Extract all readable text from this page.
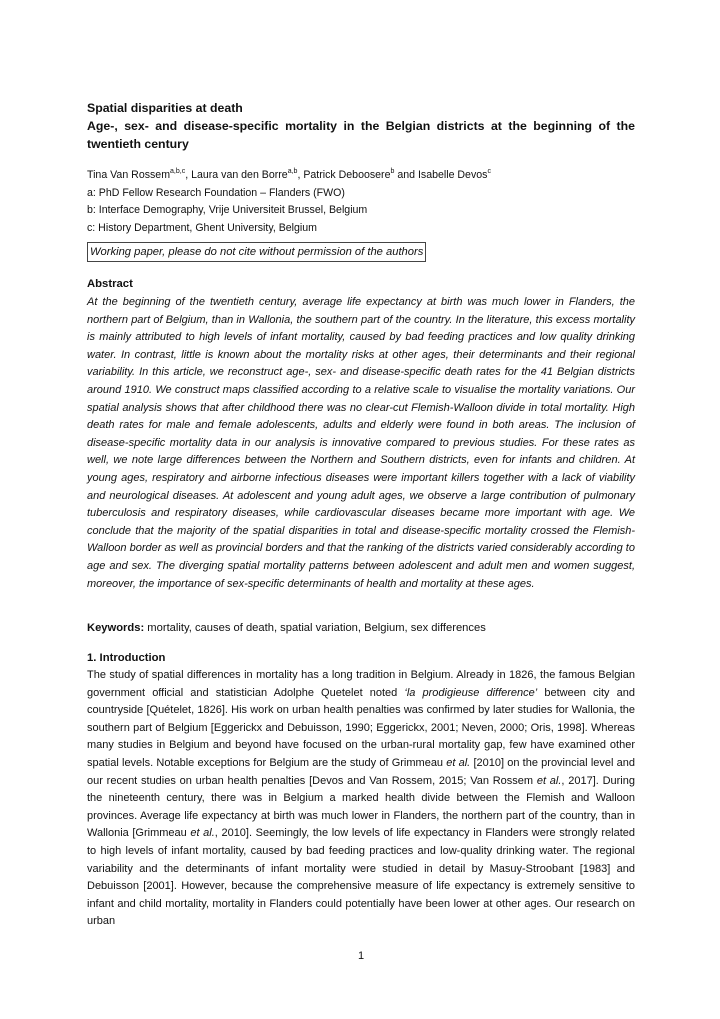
Spatial disparities at death
Age-, sex- and disease-specific mortality in the Belgian districts at the beginning of the twentieth century
Tina Van Rossem$^{a,b,c}$, Laura van den Borre$^{a,b}$, Patrick Deboosere$^b$ and Isabelle Devos$^c$
a: PhD Fellow Research Foundation – Flanders (FWO)
b: Interface Demography, Vrije Universiteit Brussel, Belgium
c: History Department, Ghent University, Belgium
Working paper, please do not cite without permission of the authors
Abstract
At the beginning of the twentieth century, average life expectancy at birth was much lower in Flanders, the northern part of Belgium, than in Wallonia, the southern part of the country. In the literature, this excess mortality is mainly attributed to high levels of infant mortality, caused by bad feeding practices and low quality drinking water. In contrast, little is known about the mortality risks at other ages, their determinants and their regional variability. In this article, we reconstruct age-, sex- and disease-specific death rates for the 41 Belgian districts around 1910. We construct maps classified according to a relative scale to visualise the mortality variations. Our spatial analysis shows that after childhood there was no clear-cut Flemish-Walloon divide in total mortality. High death rates for male and female adolescents, adults and elderly were found in both areas. The inclusion of disease-specific mortality data in our analysis is innovative compared to previous studies. For these rates as well, we note large differences between the Northern and Southern districts, even for infants and children. At young ages, respiratory and airborne infectious diseases were important killers together with a lack of viability and neurological diseases. At adolescent and young adult ages, we observe a large contribution of pulmonary tuberculosis and respiratory diseases, while cardiovascular diseases became more important with age. We conclude that the majority of the spatial disparities in total and disease-specific mortality crossed the Flemish-Walloon border as well as provincial borders and that the ranking of the districts varied considerably according to age and sex. The diverging spatial mortality patterns between adolescent and adult men and women suggest, moreover, the importance of sex-specific determinants of health and mortality at these ages.
Keywords: mortality, causes of death, spatial variation, Belgium, sex differences
1. Introduction
The study of spatial differences in mortality has a long tradition in Belgium. Already in 1826, the famous Belgian government official and statistician Adolphe Quetelet noted ‘la prodigieuse difference’ between city and countryside [Quételet, 1826]. His work on urban health penalties was confirmed by later studies for Wallonia, the southern part of Belgium [Eggerickx and Debuisson, 1990; Eggerickx, 2001; Neven, 2000; Oris, 1998]. Whereas many studies in Belgium and beyond have focused on the urban-rural mortality gap, few have examined other spatial levels. Notable exceptions for Belgium are the study of Grimmeau et al. [2010] on the provincial level and our recent studies on urban health penalties [Devos and Van Rossem, 2015; Van Rossem et al., 2017]. During the nineteenth century, there was in Belgium a marked health divide between the Flemish and Walloon provinces. Average life expectancy at birth was much lower in Flanders, the northern part of the country, than in Wallonia [Grimmeau et al., 2010]. Seemingly, the low levels of life expectancy in Flanders were strongly related to high levels of infant mortality, caused by bad feeding practices and low-quality drinking water. The regional variability and the determinants of infant mortality were studied in detail by Masuy-Stroobant [1983] and Debuisson [2001]. However, because the comprehensive measure of life expectancy is extremely sensitive to infant and child mortality, mortality in Flanders could potentially have been lower at other ages. Our research on urban
1
